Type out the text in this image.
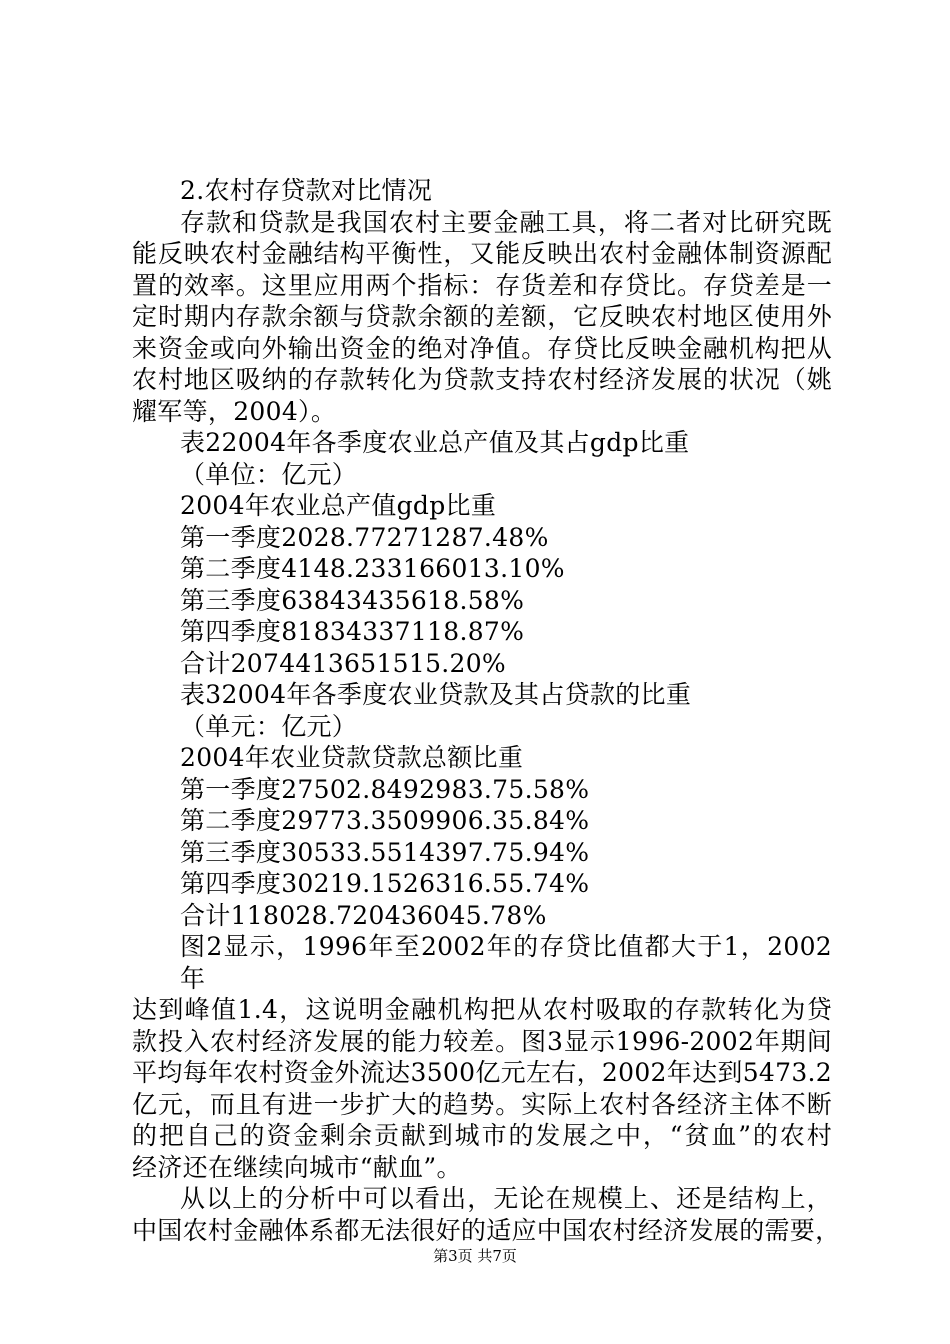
2.农村存贷款对比情况
存款和贷款是我国农村主要金融工具，将二者对比研究既
能反映农村金融结构平衡性，又能反映出农村金融体制资源配
置的效率。这里应用两个指标：存货差和存贷比。存贷差是一
定时期内存款余额与贷款余额的差额，它反映农村地区使用外
来资金或向外输出资金的绝对净值。存贷比反映金融机构把从
农村地区吸纳的存款转化为贷款支持农村经济发展的状况（姚
耀军等，2004）。
表22004年各季度农业总产值及其占gdp比重
（单位：亿元）
2004年农业总产值gdp比重
第一季度2028.77271287.48%
第二季度4148.233166013.10%
第三季度63843435618.58%
第四季度81834337118.87%
合计2074413651515.20%
表32004年各季度农业贷款及其占贷款的比重
（单元：亿元）
2004年农业贷款贷款总额比重
第一季度27502.8492983.75.58%
第二季度29773.3509906.35.84%
第三季度30533.5514397.75.94%
第四季度30219.1526316.55.74%
合计118028.720436045.78%
图2显示，1996年至2002年的存贷比值都大于1，2002年
达到峰值1.4，这说明金融机构把从农村吸取的存款转化为贷
款投入农村经济发展的能力较差。图3显示1996-2002年期间
平均每年农村资金外流达3500亿元左右，2002年达到5473.2
亿元，而且有进一步扩大的趋势。实际上农村各经济主体不断
的把自己的资金剩余贡献到城市的发展之中，“贫血”的农村
经济还在继续向城市“献血”。
从以上的分析中可以看出，无论在规模上、还是结构上，
中国农村金融体系都无法很好的适应中国农村经济发展的需要，
第3页 共7页
